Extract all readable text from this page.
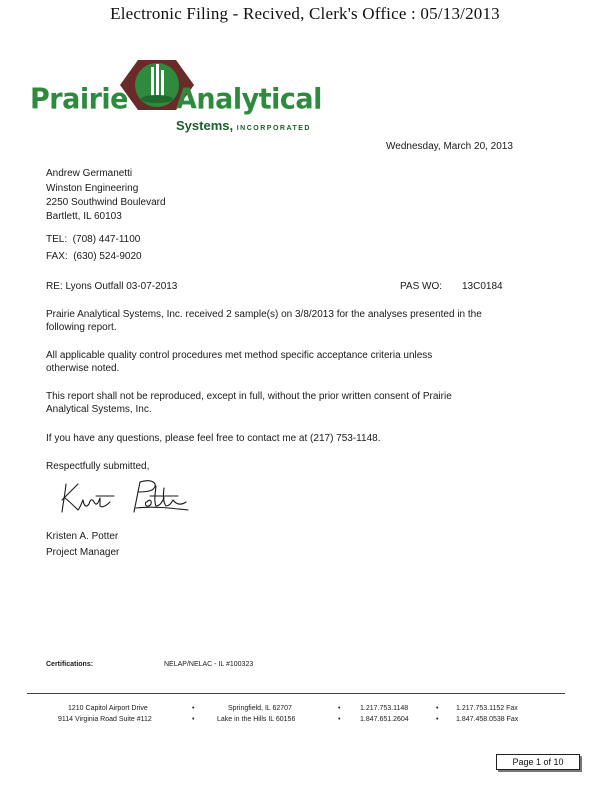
Electronic Filing - Recived, Clerk's Office : 05/13/2013
Prairie Analytical
Systems, INCORPORATED
Wednesday, March 20, 2013
Andrew Germanetti
Winston Engineering
2250 Southwind Boulevard
Bartlett, IL 60103
TEL:  (708) 447-1100
FAX:  (630) 524-9020
RE: Lyons Outfall 03-07-2013	PAS WO: 13C0184
Prairie Analytical Systems, Inc. received 2 sample(s) on 3/8/2013 for the analyses presented in the following report.
All applicable quality control procedures met method specific acceptance criteria unless otherwise noted.
This report shall not be reproduced, except in full, without the prior written consent of Prairie Analytical Systems, Inc.
If you have any questions, please feel free to contact me at (217) 753-1148.
Respectfully submitted,
Kristen A. Potter
Project Manager
Certifications:	NELAP/NELAC - IL #100323
1210 Capitol Airport Drive
9114 Virginia Road Suite #112
•
•
Springfield, IL 62707
Lake in the Hills IL 60156
•
•
1.217.753.1148
1.847.651.2604
•
•
1.217.753.1152 Fax
1.847.458.0538 Fax
Page 1 of 10
